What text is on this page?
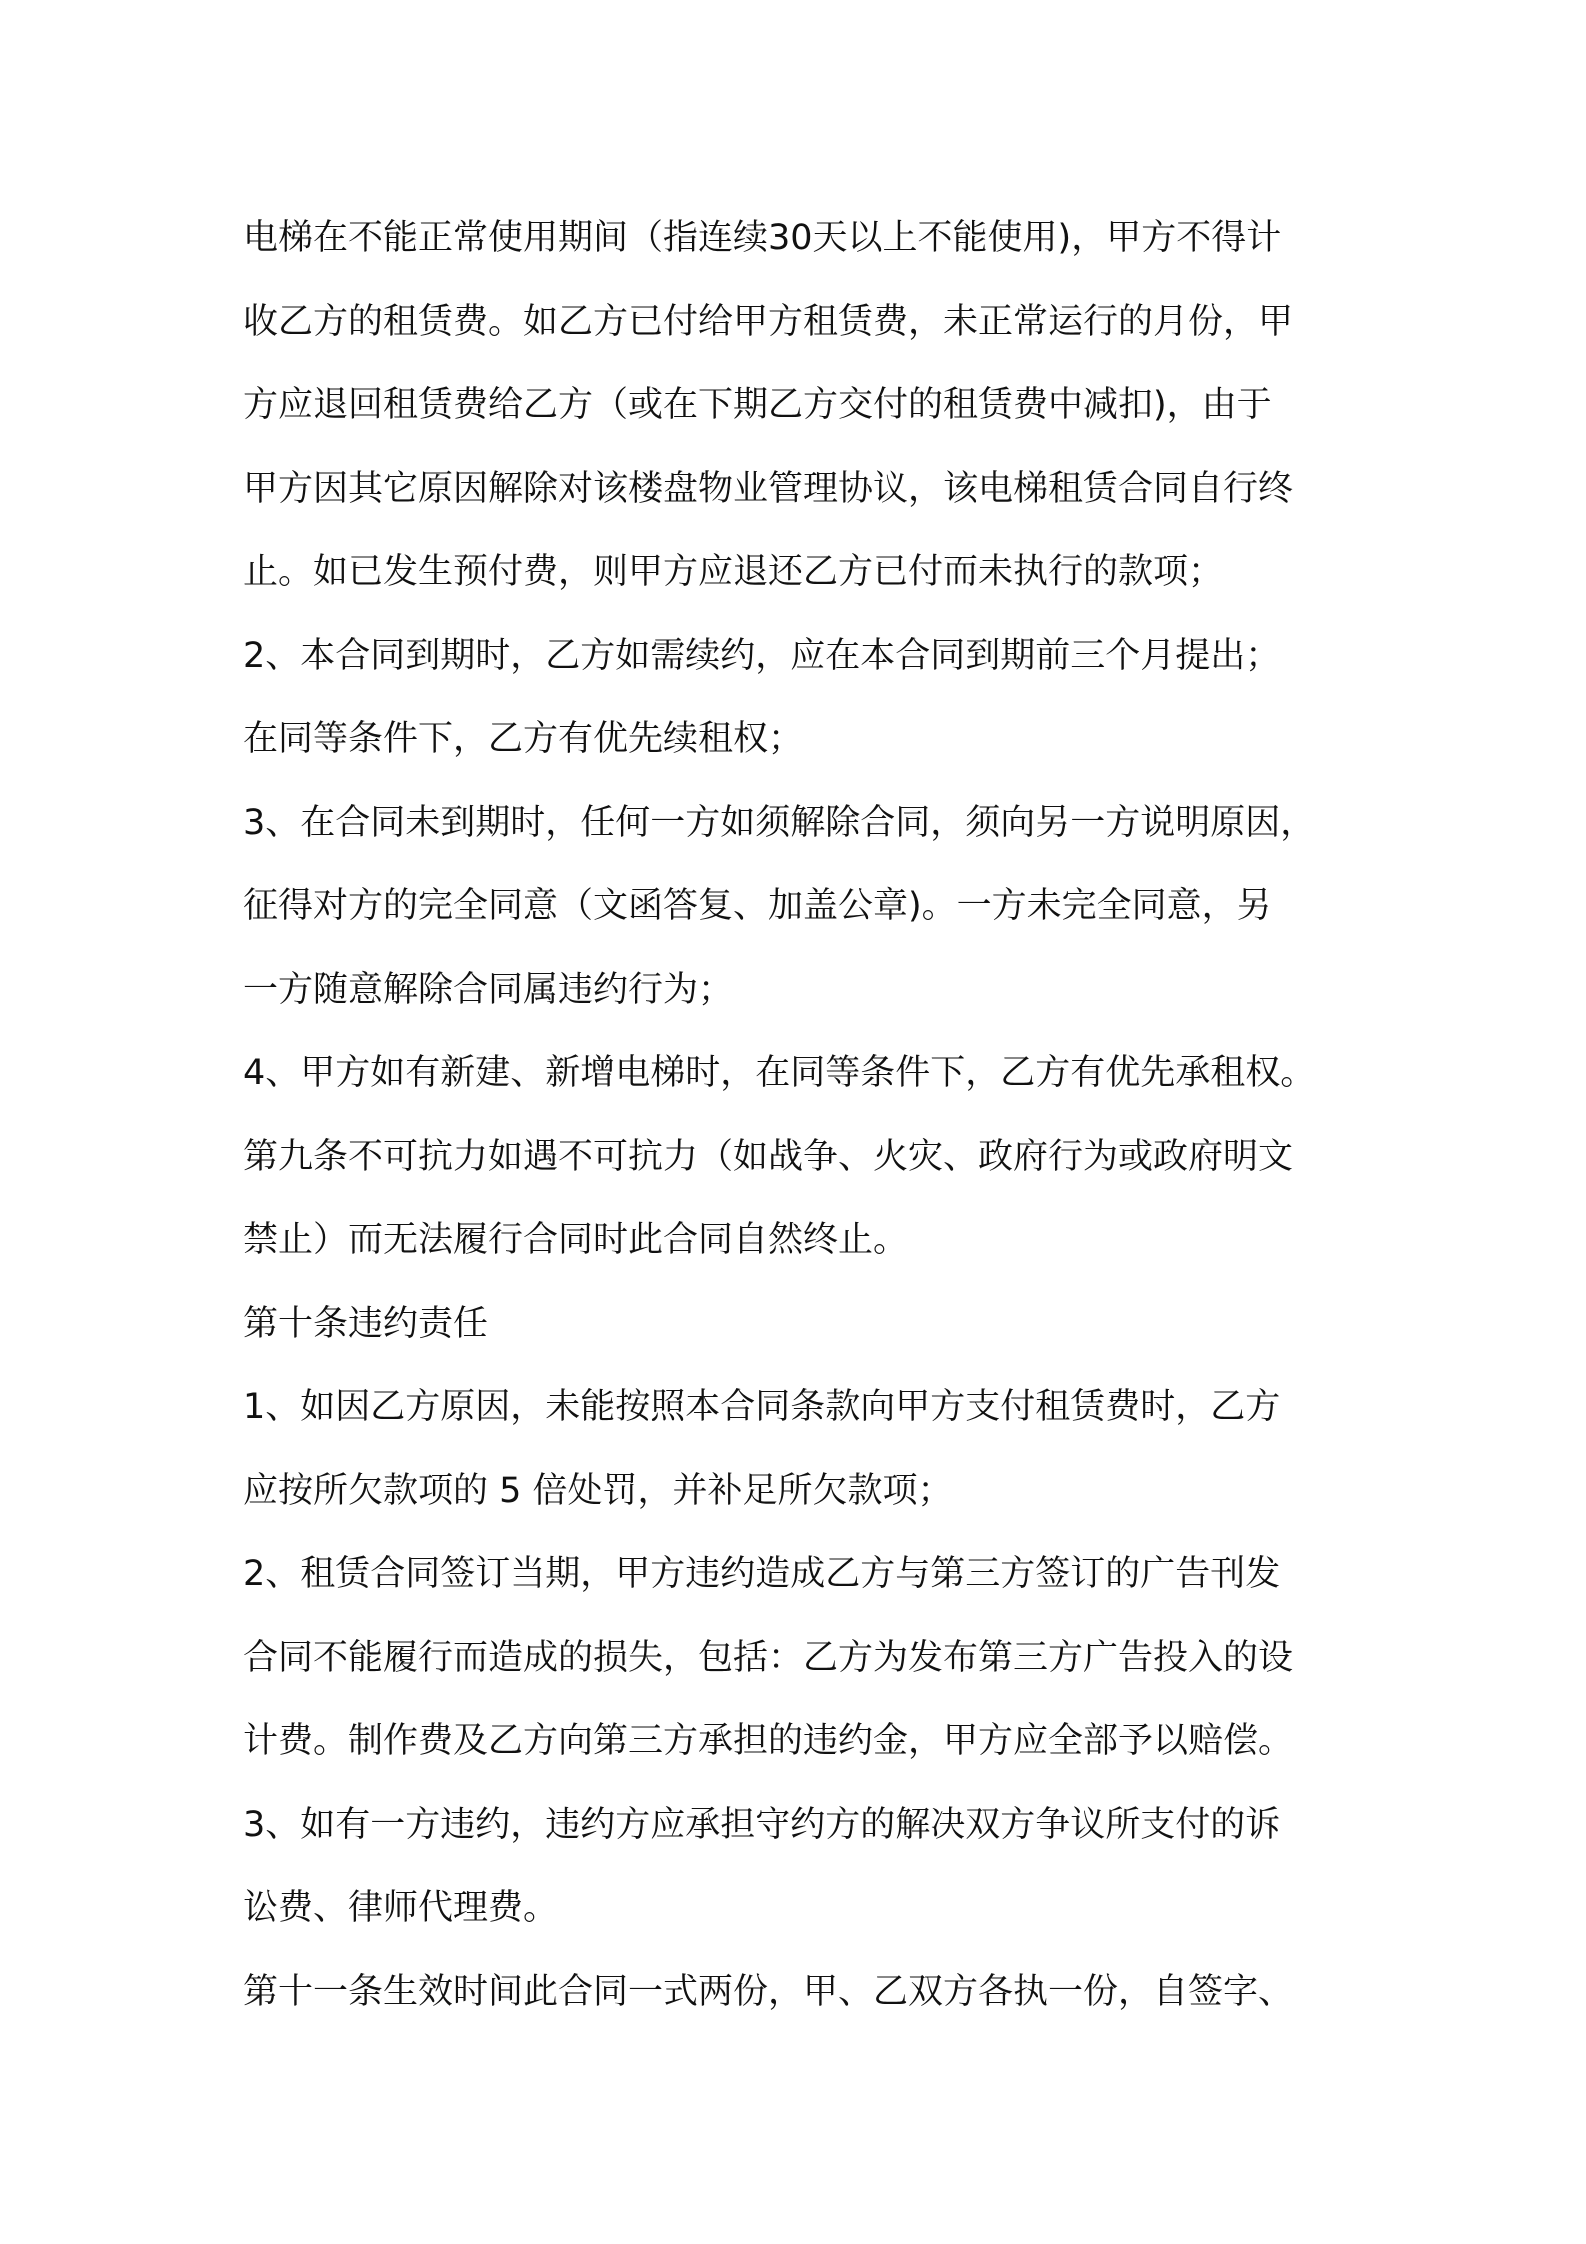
电梯在不能正常使用期间（指连续30天以上不能使用)，甲方不得计
收乙方的租赁费。如乙方已付给甲方租赁费，未正常运行的月份，甲
方应退回租赁费给乙方（或在下期乙方交付的租赁费中减扣)，由于
甲方因其它原因解除对该楼盘物业管理协议，该电梯租赁合同自行终
止。如已发生预付费，则甲方应退还乙方已付而未执行的款项；
2、本合同到期时，乙方如需续约，应在本合同到期前三个月提出；
在同等条件下，乙方有优先续租权；
3、在合同未到期时，任何一方如须解除合同，须向另一方说明原因，
征得对方的完全同意（文函答复、加盖公章)。一方未完全同意，另
一方随意解除合同属违约行为；
4、甲方如有新建、新增电梯时，在同等条件下，乙方有优先承租权。
第九条不可抗力如遇不可抗力（如战争、火灾、政府行为或政府明文
禁止）而无法履行合同时此合同自然终止。
第十条违约责任
1、如因乙方原因，未能按照本合同条款向甲方支付租赁费时，乙方
应按所欠款项的 5 倍处罚，并补足所欠款项；
2、租赁合同签订当期，甲方违约造成乙方与第三方签订的广告刊发
合同不能履行而造成的损失，包括：乙方为发布第三方广告投入的设
计费。制作费及乙方向第三方承担的违约金，甲方应全部予以赔偿。
3、如有一方违约，违约方应承担守约方的解决双方争议所支付的诉
讼费、律师代理费。
第十一条生效时间此合同一式两份，甲、乙双方各执一份，自签字、
